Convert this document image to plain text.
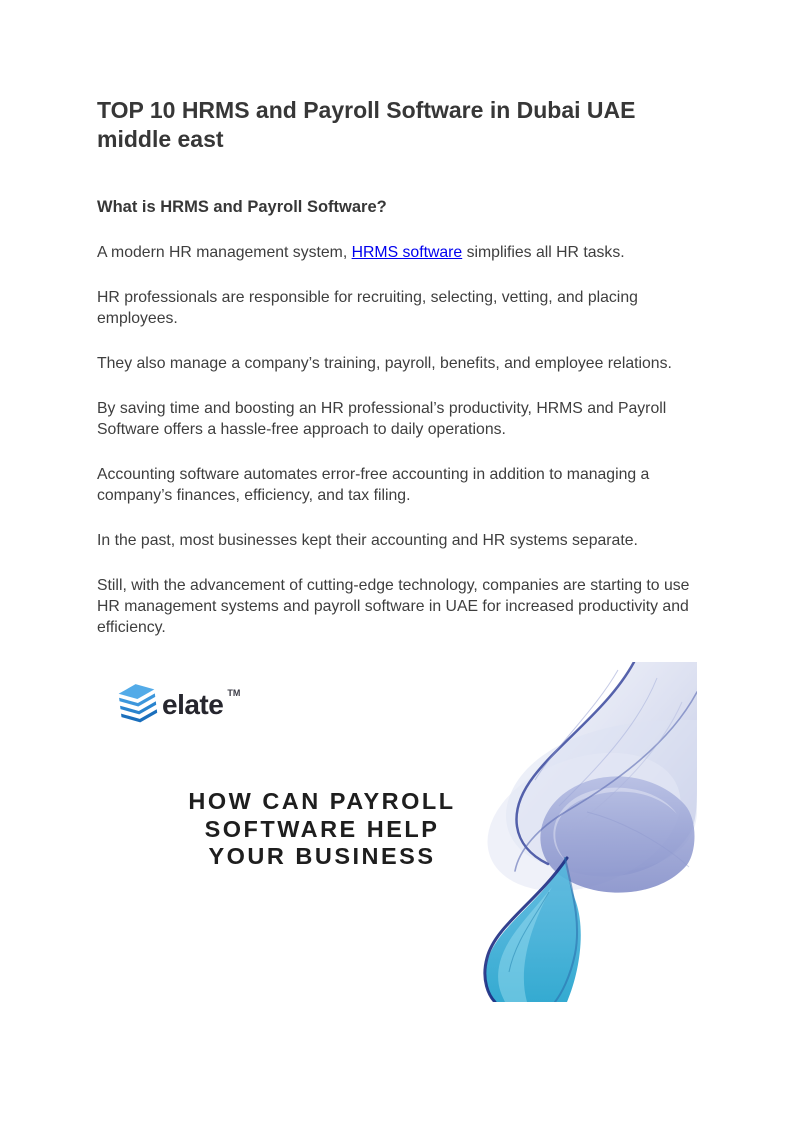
TOP 10 HRMS and Payroll Software in Dubai UAE middle east
What is HRMS and Payroll Software?

A modern HR management system, HRMS software simplifies all HR tasks.

HR professionals are responsible for recruiting, selecting, vetting, and placing employees.

They also manage a company’s training, payroll, benefits, and employee relations.

By saving time and boosting an HR professional’s productivity, HRMS and Payroll Software offers a hassle-free approach to daily operations.

Accounting software automates error-free accounting in addition to managing a company’s finances, efficiency, and tax filing.

In the past, most businesses kept their accounting and HR systems separate.

Still, with the advancement of cutting-edge technology, companies are starting to use HR management systems and payroll software in UAE for increased productivity and efficiency.

elate TM
HOW CAN PAYROLL
SOFTWARE HELP
YOUR BUSINESS
